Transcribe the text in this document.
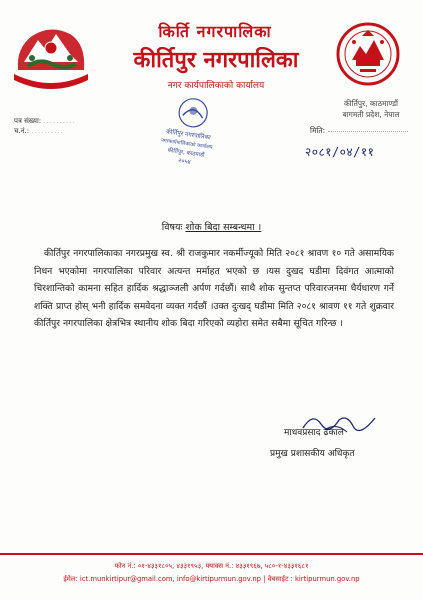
किर्ति नगरपालिका
कीर्तिपुर नगरपालिका
नगर कार्यपालिकाको कार्यालय
कीर्तिपुर, काठमाण्डौं
बागमती प्रदेश, नेपाल
पत्र संख्या: ..........
च.नं.: ..........	मिति:
२०८१/०४/११
कीर्तिपुर नगरपालिका
नगरकार्यपालिकाको कार्यालय
कीर्तिपुर, काठमाडौं
२०५४
विषयः शोक बिदा सम्बन्धमा ।
कीर्तिपुर नगरपालिकाका नगरप्रमुख स्व. श्री राजकुमार नकर्मीज्यूको मिति २०८१ श्रावण १० गते असामयिक निधन भएकोमा नगरपालिका परिवार अत्यन्त मर्माहत भएको छ ।यस दुखद घडीमा दिवंगत आत्माको चिरशान्तिको कामना सहित हार्दिक श्रद्धाञ्जली अर्पण गर्दछौं। साथै शोक सुन्तप्त परिवारजनमा धैर्यधारण गर्ने शक्ति प्राप्त होस् भनी हार्दिक समवेदना व्यक्त गर्दछौं ।उक्त दुःखद् घडीमा मिति २०८१ श्रावण ११ गते शुक्रवार कीर्तिपुर नगरपालिका क्षेत्रभित्र स्थानीय शोक बिदा गरिएको व्यहोरा समेत सबैमा सूचित गरिन्छ ।
माधवप्रसाद ढकाल
प्रमुख प्रशासकीय अधिकृत
फोन नं.: ०१-४३३१८०५, ४३३१९५३, फ्याक्स नं.: ४३३१९६७, ५८०-१-४३३१६८१
ईमेल: ict.munkirtipur@gmail.com, info@kirtipurmun.gov.np | वेबसाईट : kirtipurmun.gov.np
